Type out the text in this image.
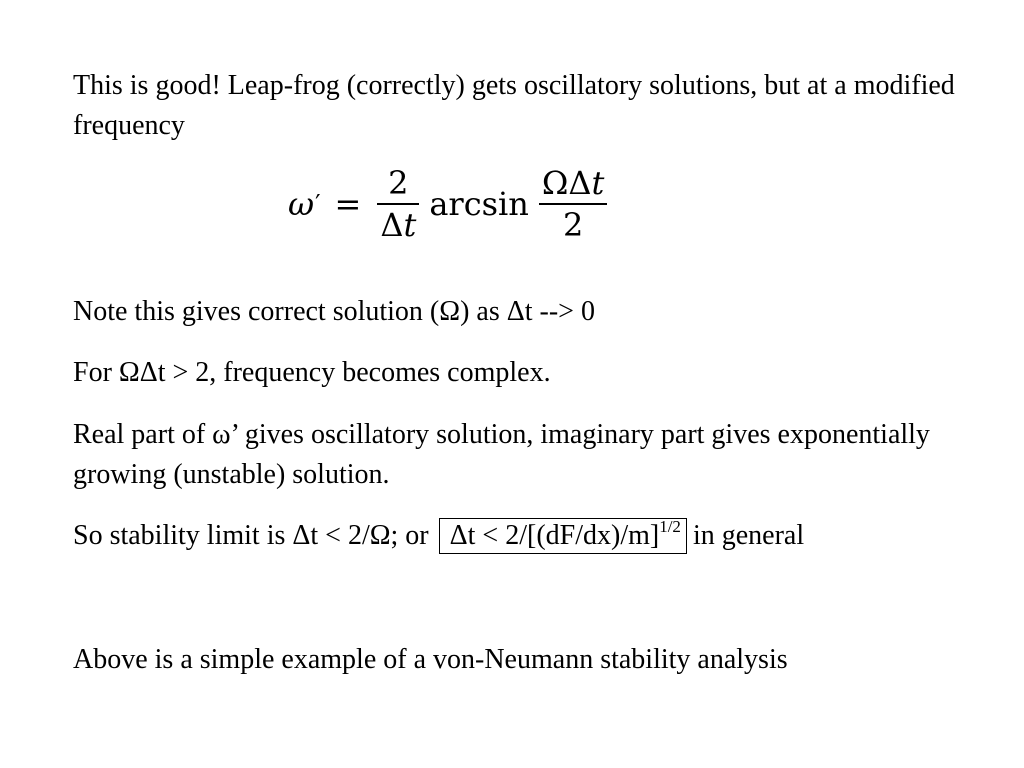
This is good! Leap-frog (correctly) gets oscillatory solutions, but at a modified frequency

ω ′ = $\frac{2}{\Delta t}$ $\arcsin \frac{\text{ΩΔt}}{2}$

Note this gives correct solution (Ω) as Δt --> 0

For ΩΔt > 2, frequency becomes complex.

Real part of ω’ gives oscillatory solution, imaginary part gives exponentially growing (unstable) solution.

So stability limit is Δt < 2/Ω; or $\Delta t < 2/[(dF/dx)/m]^{1/2}$ in general

Above is a simple example of a von-Neumann stability analysis
